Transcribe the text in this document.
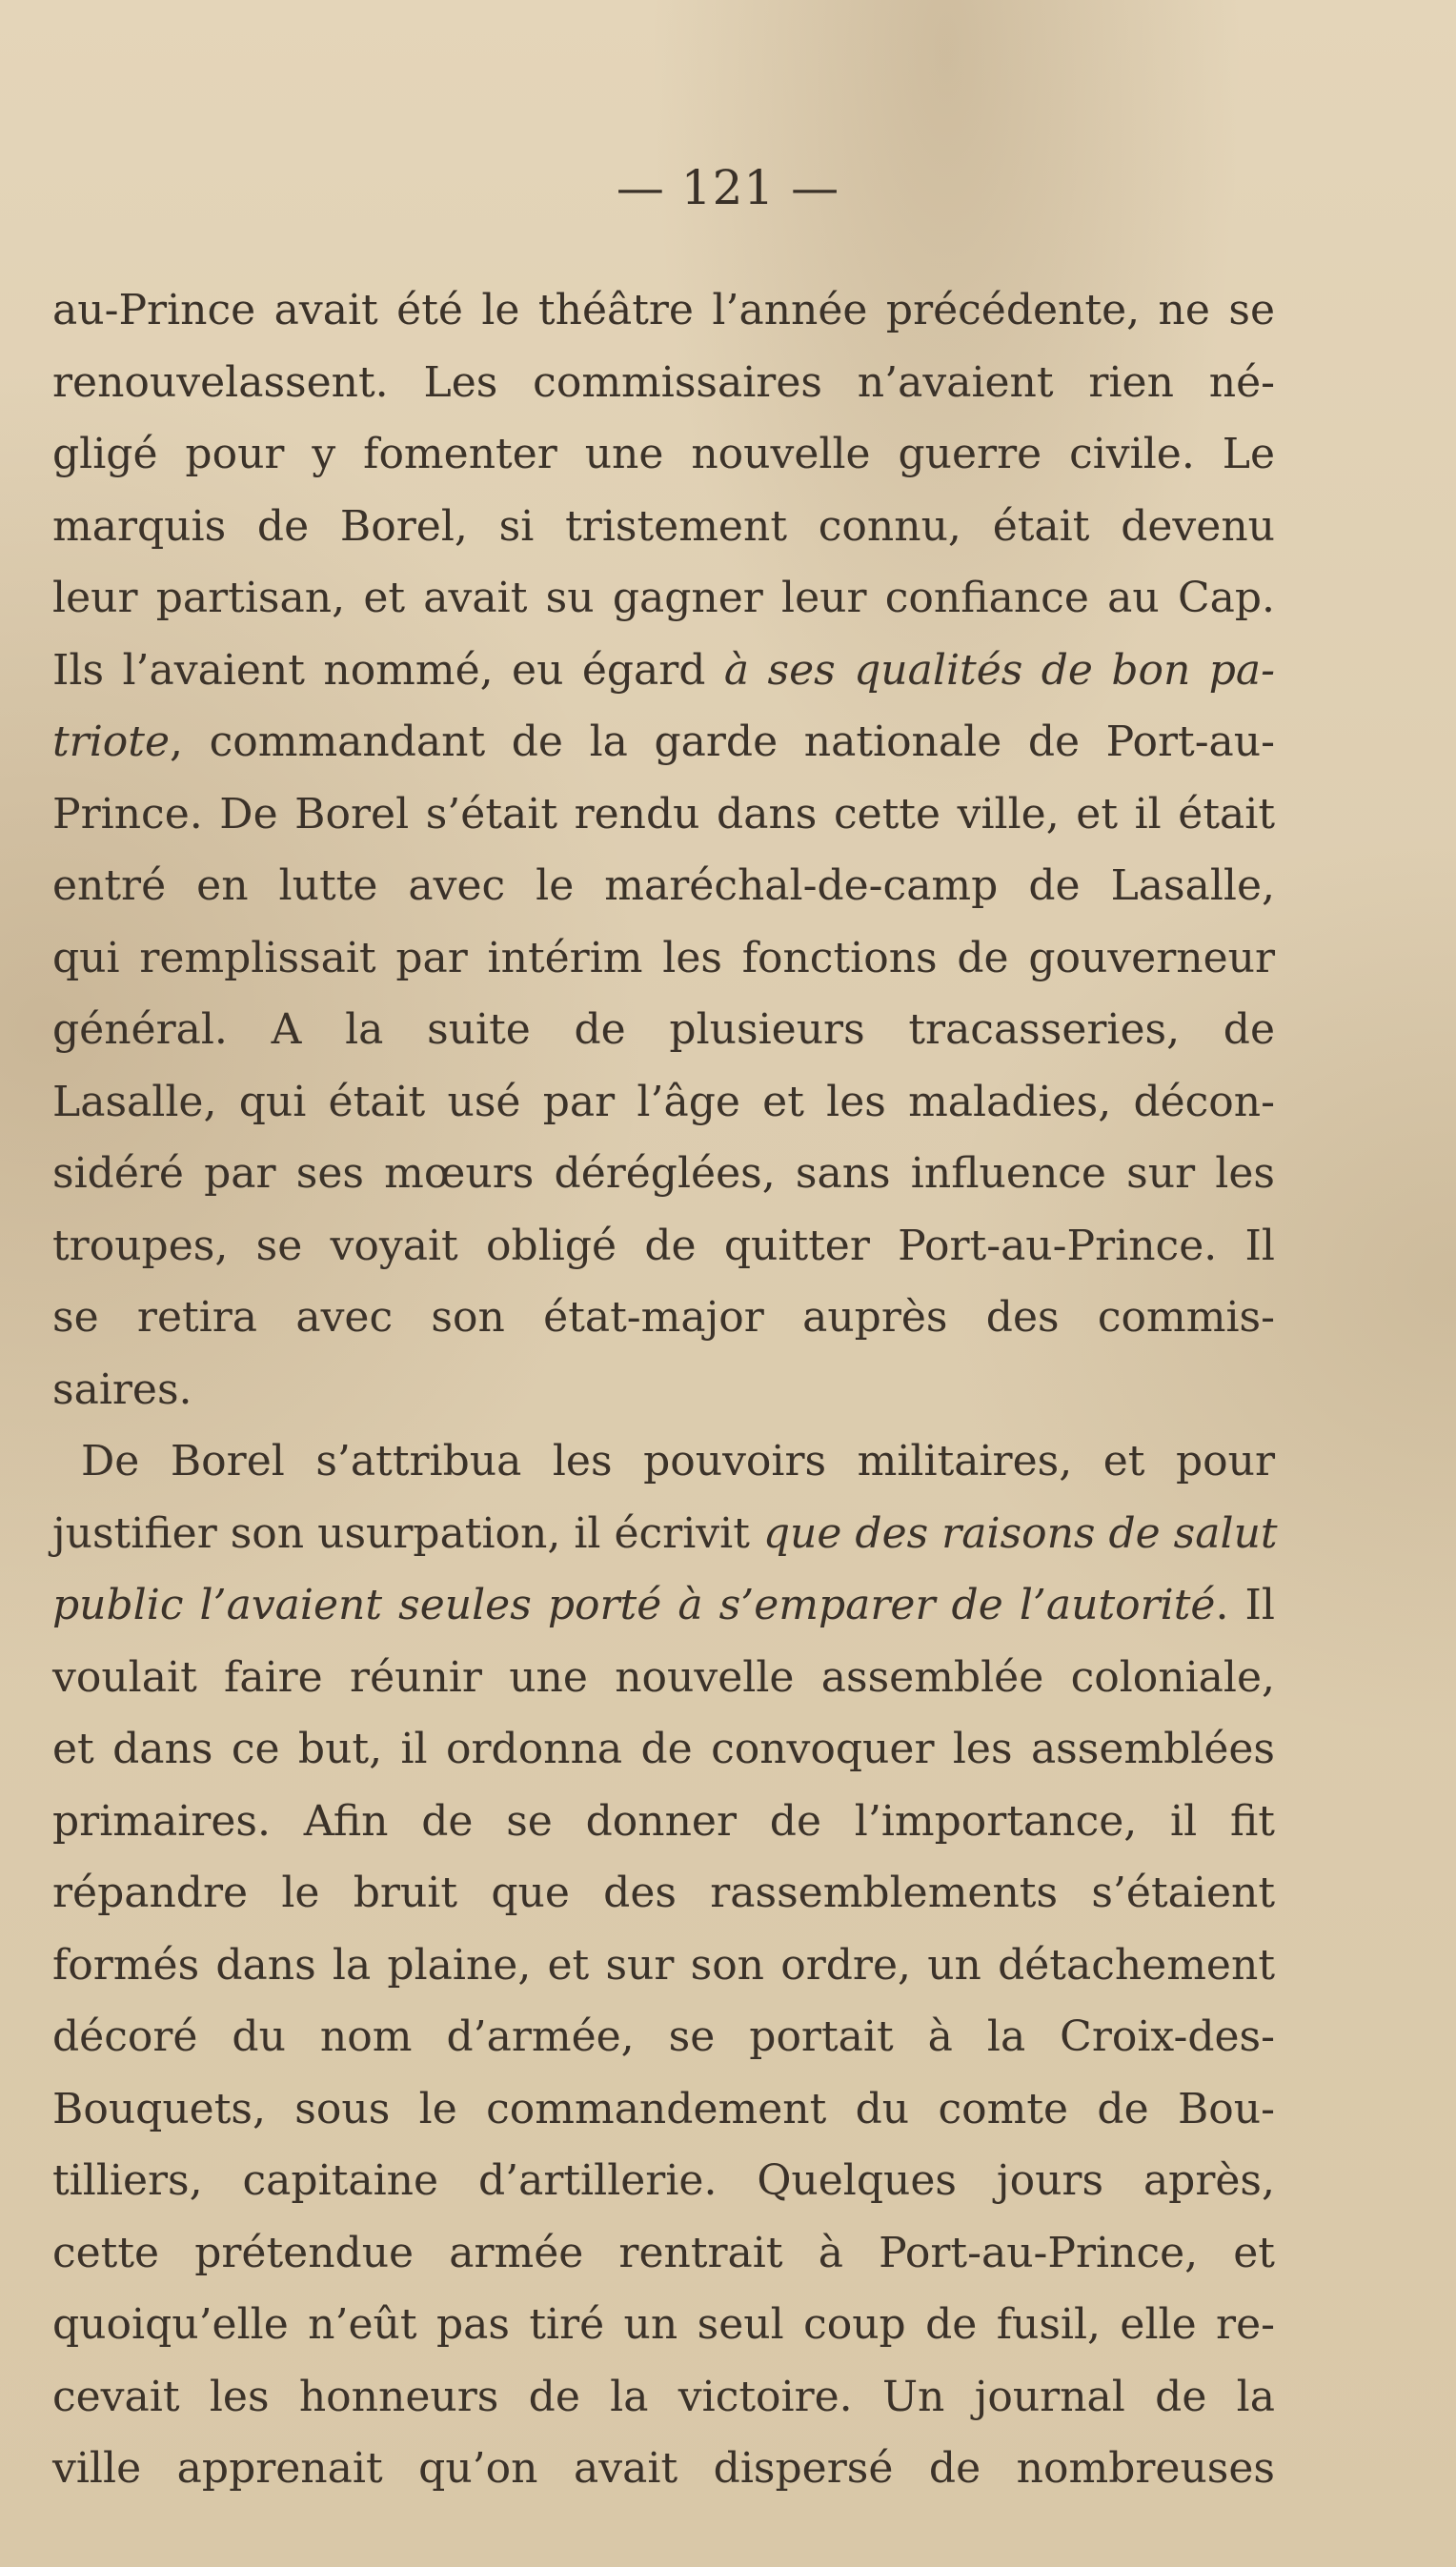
— 121 —
au-Prince avait été le théâtre l’année précédente, ne se
renouvelassent. Les commissaires n’avaient rien né-
gligé pour y fomenter une nouvelle guerre civile. Le
marquis de Borel, si tristement connu, était devenu
leur partisan, et avait su gagner leur confiance au Cap.
Ils l’avaient nommé, eu égard à ses qualités de bon pa-
triote, commandant de la garde nationale de Port-au-
Prince. De Borel s’était rendu dans cette ville, et il était
entré en lutte avec le maréchal-de-camp de Lasalle,
qui remplissait par intérim les fonctions de gouverneur
général. A la suite de plusieurs tracasseries, de
Lasalle, qui était usé par l’âge et les maladies, décon-
sidéré par ses mœurs déréglées, sans influence sur les
troupes, se voyait obligé de quitter Port-au-Prince. Il
se retira avec son état-major auprès des commis-
saires.
De Borel s’attribua les pouvoirs militaires, et pour
justifier son usurpation, il écrivit que des raisons de salut
public l’avaient seules porté à s’emparer de l’autorité. Il
voulait faire réunir une nouvelle assemblée coloniale,
et dans ce but, il ordonna de convoquer les assemblées
primaires. Afin de se donner de l’importance, il fit
répandre le bruit que des rassemblements s’étaient
formés dans la plaine, et sur son ordre, un détachement
décoré du nom d’armée, se portait à la Croix-des-
Bouquets, sous le commandement du comte de Bou-
tilliers, capitaine d’artillerie. Quelques jours après,
cette prétendue armée rentrait à Port-au-Prince, et
quoiqu’elle n’eût pas tiré un seul coup de fusil, elle re-
cevait les honneurs de la victoire. Un journal de la
ville apprenait qu’on avait dispersé de nombreuses
